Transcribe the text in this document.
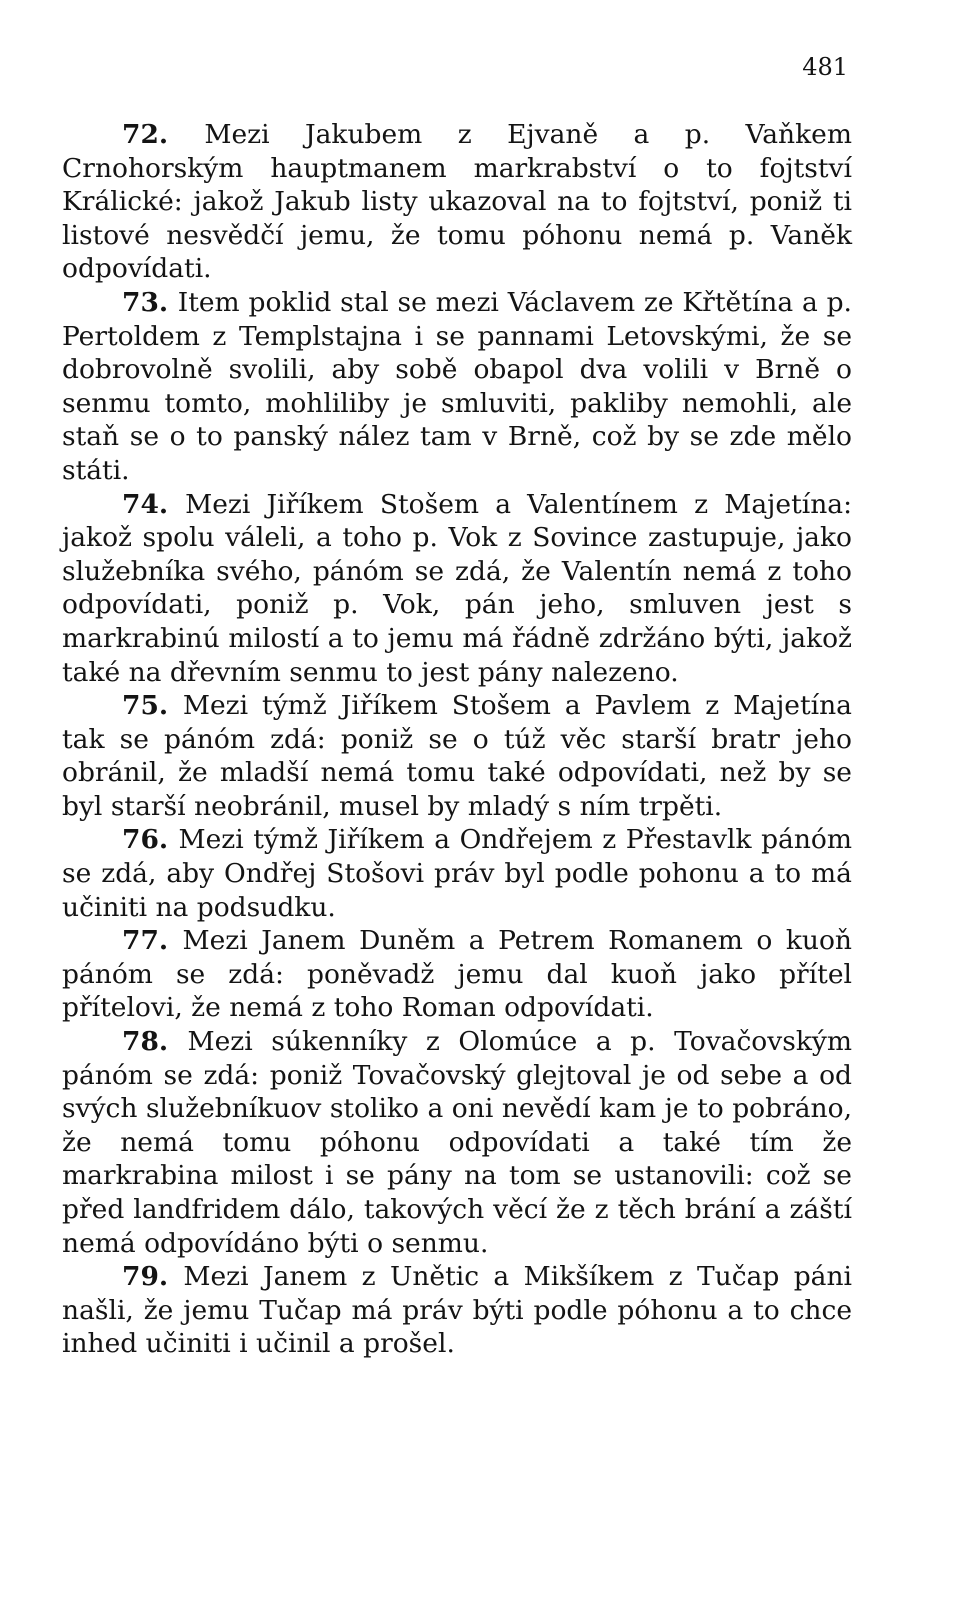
481

72. Mezi Jakubem z Ejvaně a p. Vaňkem Crnohorským hauptmanem markrabství o to fojtství Králické: jakož Jakub listy ukazoval na to fojtství, poniž ti listové nesvědčí jemu, že tomu póhonu nemá p. Vaněk odpovídati.

73. Item poklid stal se mezi Václavem ze Křtětína a p. Pertoldem z Templstajna i se pannami Letovskými, že se dobrovolně svolili, aby sobě obapol dva volili v Brně o senmu tomto, mohliliby je smluviti, pakliby nemohli, ale staň se o to panský nález tam v Brně, což by se zde mělo státi.

74. Mezi Jiříkem Stošem a Valentínem z Majetína: jakož spolu váleli, a toho p. Vok z Sovince zastupuje, jako služebníka svého, pánóm se zdá, že Valentín nemá z toho odpovídati, poniž p. Vok, pán jeho, smluven jest s markrabinú milostí a to jemu má řádně zdržáno býti, jakož také na dřevním senmu to jest pány nalezeno.

75. Mezi týmž Jiříkem Stošem a Pavlem z Majetína tak se pánóm zdá: poniž se o túž věc starší bratr jeho obránil, že mladší nemá tomu také odpovídati, než by se byl starší neobránil, musel by mladý s ním trpěti.

76. Mezi týmž Jiříkem a Ondřejem z Přestavlk pánóm se zdá, aby Ondřej Stošovi práv byl podle pohonu a to má učiniti na podsudku.

77. Mezi Janem Duněm a Petrem Romanem o kuoň pánóm se zdá: poněvadž jemu dal kuoň jako přítel přítelovi, že nemá z toho Roman odpovídati.

78. Mezi súkenníky z Olomúce a p. Tovačovským pánóm se zdá: poniž Tovačovský glejtoval je od sebe a od svých služebníkuov stoliko a oni nevědí kam je to pobráno, že nemá tomu póhonu odpovídati a také tím že markrabina milost i se pány na tom se ustanovili: což se před landfridem dálo, takových věcí že z těch brání a záští nemá odpovídáno býti o senmu.

79. Mezi Janem z Unětic a Mikšíkem z Tučap páni našli, že jemu Tučap má práv býti podle póhonu a to chce inhed učiniti i učinil a prošel.
